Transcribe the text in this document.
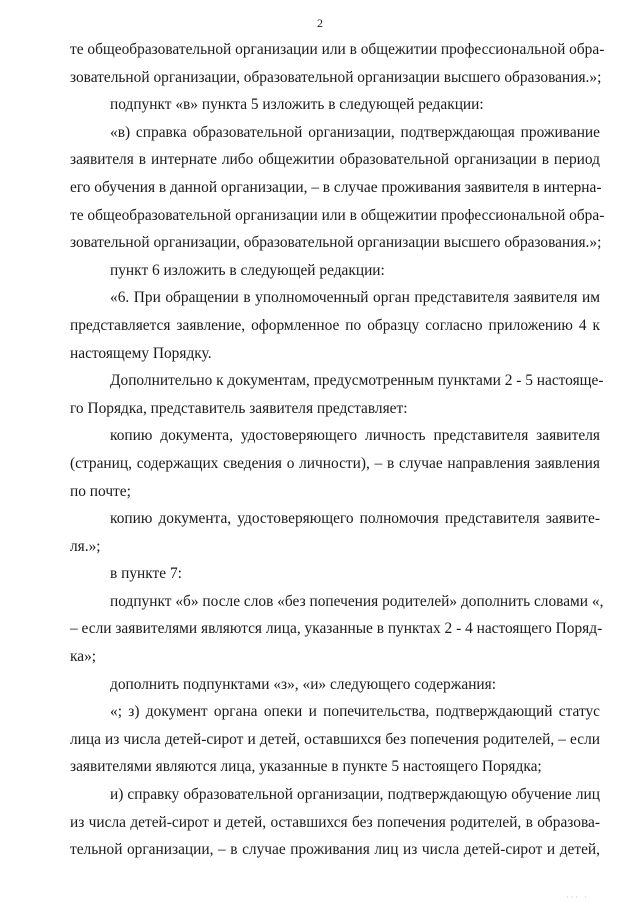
2
те общеобразовательной организации или в общежитии профессиональной обра-
зовательной организации, образовательной организации высшего образования.»;
подпункт «в» пункта 5 изложить в следующей редакции:
«в) справка образовательной организации, подтверждающая проживание
заявителя в интернате либо общежитии образовательной организации в период
его обучения в данной организации, – в случае проживания заявителя в интерна-
те общеобразовательной организации или в общежитии профессиональной обра-
зовательной организации, образовательной организации высшего образования.»;
пункт 6 изложить в следующей редакции:
«6. При обращении в уполномоченный орган представителя заявителя им
представляется заявление, оформленное по образцу согласно приложению 4 к
настоящему Порядку.
Дополнительно к документам, предусмотренным пунктами 2 - 5 настояще-
го Порядка, представитель заявителя представляет:
копию документа, удостоверяющего личность представителя заявителя
(страниц, содержащих сведения о личности), – в случае направления заявления
по почте;
копию документа, удостоверяющего полномочия представителя заявите-
ля.»;
в пункте 7:
подпункт «б» после слов «без попечения родителей» дополнить словами «,
– если заявителями являются лица, указанные в пунктах 2 - 4 настоящего Поряд-
ка»;
дополнить подпунктами «з», «и» следующего содержания:
«; з) документ органа опеки и попечительства, подтверждающий статус
лица из числа детей-сирот и детей, оставшихся без попечения родителей, – если
заявителями являются лица, указанные в пункте 5 настоящего Порядка;
и) справку образовательной организации, подтверждающую обучение лиц
из числа детей-сирот и детей, оставшихся без попечения родителей, в образова-
тельной организации, – в случае проживания лиц из числа детей-сирот и детей,
··· ·
